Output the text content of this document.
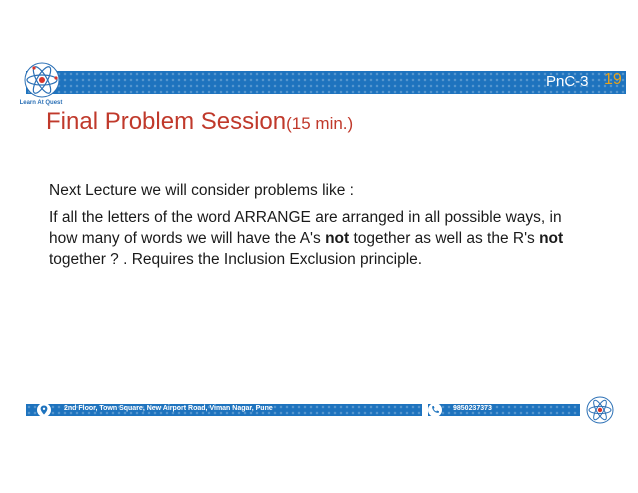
Learn At Quest
PnC-3 19
Final Problem Session(15 min.)

Next Lecture we will consider problems like :

If all the letters of the word ARRANGE are arranged in all possible ways, in how many of words we will have the A's not together as well as the R's not together ? . Requires the Inclusion Exclusion principle.

2nd Floor, Town Square, New Airport Road, Viman Nagar, Pune	9850237373
